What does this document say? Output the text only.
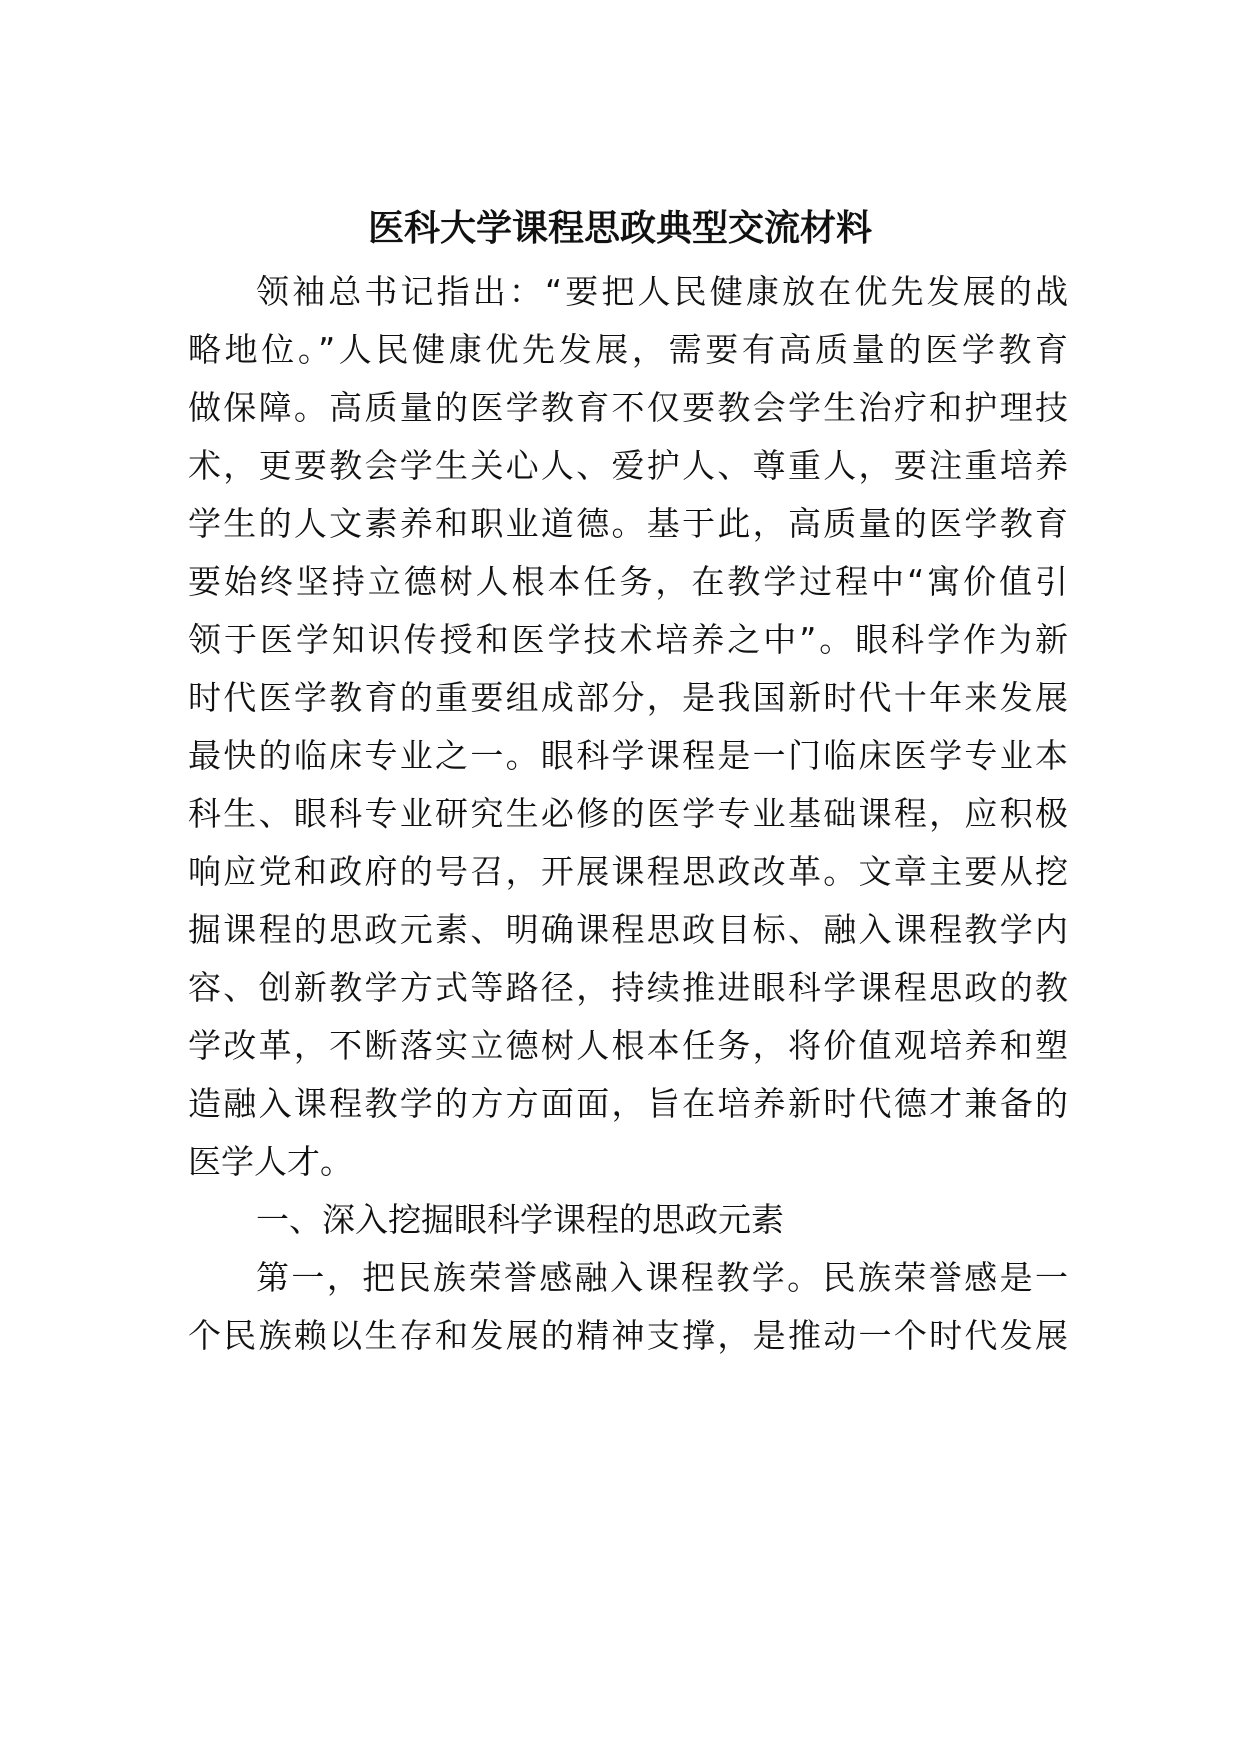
医科大学课程思政典型交流材料
领袖总书记指出：“要把人民健康放在优先发展的战
略地位。”人民健康优先发展，需要有高质量的医学教育
做保障。高质量的医学教育不仅要教会学生治疗和护理技
术，更要教会学生关心人、爱护人、尊重人，要注重培养
学生的人文素养和职业道德。基于此，高质量的医学教育
要始终坚持立德树人根本任务，在教学过程中“寓价值引
领于医学知识传授和医学技术培养之中”。眼科学作为新
时代医学教育的重要组成部分，是我国新时代十年来发展
最快的临床专业之一。眼科学课程是一门临床医学专业本
科生、眼科专业研究生必修的医学专业基础课程，应积极
响应党和政府的号召，开展课程思政改革。文章主要从挖
掘课程的思政元素、明确课程思政目标、融入课程教学内
容、创新教学方式等路径，持续推进眼科学课程思政的教
学改革，不断落实立德树人根本任务，将价值观培养和塑
造融入课程教学的方方面面，旨在培养新时代德才兼备的
医学人才。
一、深入挖掘眼科学课程的思政元素
第一，把民族荣誉感融入课程教学。民族荣誉感是一
个民族赖以生存和发展的精神支撑，是推动一个时代发展
